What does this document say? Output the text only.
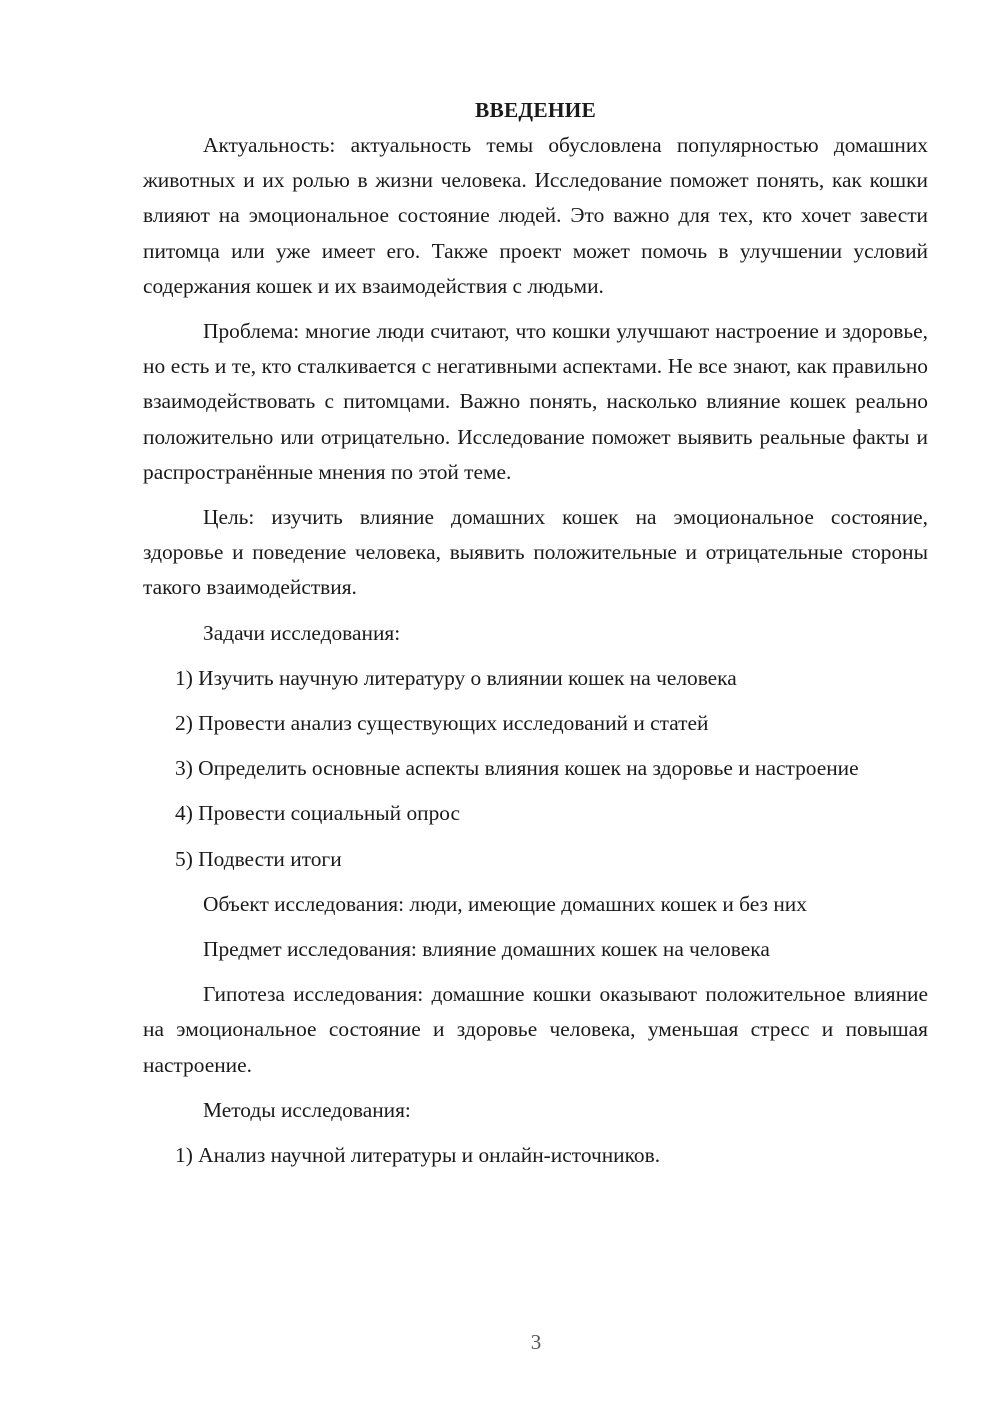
ВВЕДЕНИЕ

Актуальность: актуальность темы обусловлена популярностью домашних животных и их ролью в жизни человека. Исследование поможет понять, как кошки влияют на эмоциональное состояние людей. Это важно для тех, кто хочет завести питомца или уже имеет его. Также проект может помочь в улучшении условий содержания кошек и их взаимодействия с людьми.

Проблема: многие люди считают, что кошки улучшают настроение и здоровье, но есть и те, кто сталкивается с негативными аспектами. Не все знают, как правильно взаимодействовать с питомцами. Важно понять, насколько влияние кошек реально положительно или отрицательно. Исследование поможет выявить реальные факты и распространённые мнения по этой теме.

Цель: изучить влияние домашних кошек на эмоциональное состояние, здоровье и поведение человека, выявить положительные и отрицательные стороны такого взаимодействия.

Задачи исследования:

1) Изучить научную литературу о влиянии кошек на человека

2) Провести анализ существующих исследований и статей

3) Определить основные аспекты влияния кошек на здоровье и настроение

4) Провести социальный опрос

5) Подвести итоги

Объект исследования: люди, имеющие домашних кошек и без них

Предмет исследования: влияние домашних кошек на человека

Гипотеза исследования: домашние кошки оказывают положительное влияние на эмоциональное состояние и здоровье человека, уменьшая стресс и повышая настроение.

Методы исследования:

1) Анализ научной литературы и онлайн-источников.

3
